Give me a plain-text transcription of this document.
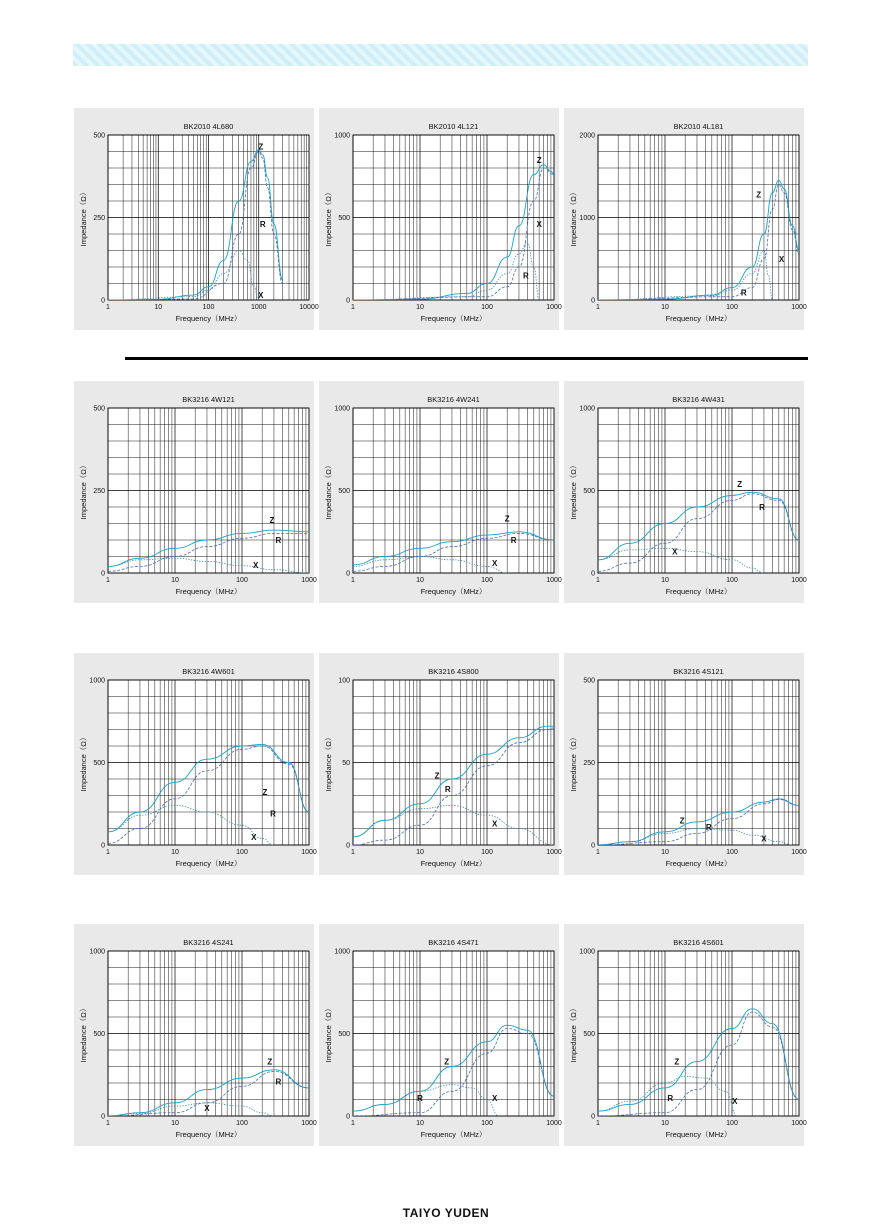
BK2010 4L680
1	10	100	1000	10000
0
250
500
Frequency（MHz）
Impedance（Ω）
Z
R
X
BK2010 4L121
1	10	100	1000
0
500
1000
Frequency（MHz）
Impedance（Ω）
Z
X
R
BK2010 4L181
1	10	100	1000
0
1000
2000
Frequency（MHz）
Impedance（Ω）	Z
X
R
BK3216 4W121
1	10	100	1000
0
250
500
Frequency（MHz）
Impedance（Ω）
Z
R
X
BK3216 4W241
1	10	100	1000
0
500
1000
Frequency（MHz）
Impedance（Ω）	Z
R
X
BK3216 4W431
1	10	100	1000
0
500
1000
Frequency（MHz）
Impedance（Ω）	Z
R
X
BK3216 4W601
1	10	100	1000
0
500
1000
Frequency（MHz）
Impedance（Ω）
Z
R
X
BK3216 4S800
1	10	100	1000
0
50
100
Frequency（MHz）
Impedance（Ω）	Z
R
X
BK3216 4S121
1	10	100	1000
0
250
500
Frequency（MHz）
Impedance（Ω）
Z
R
X
BK3216 4S241
1	10	100	1000
0
500
1000
Frequency（MHz）
Impedance（Ω）	Z
R
X
BK3216 4S471
1	10	100	1000
0
500
1000
Frequency（MHz）
Impedance（Ω）	Z
R	X
BK3216 4S601
1	10	100	1000
0
500
1000
Frequency（MHz）
Impedance（Ω）	Z
R	X
TAIYO YUDEN
